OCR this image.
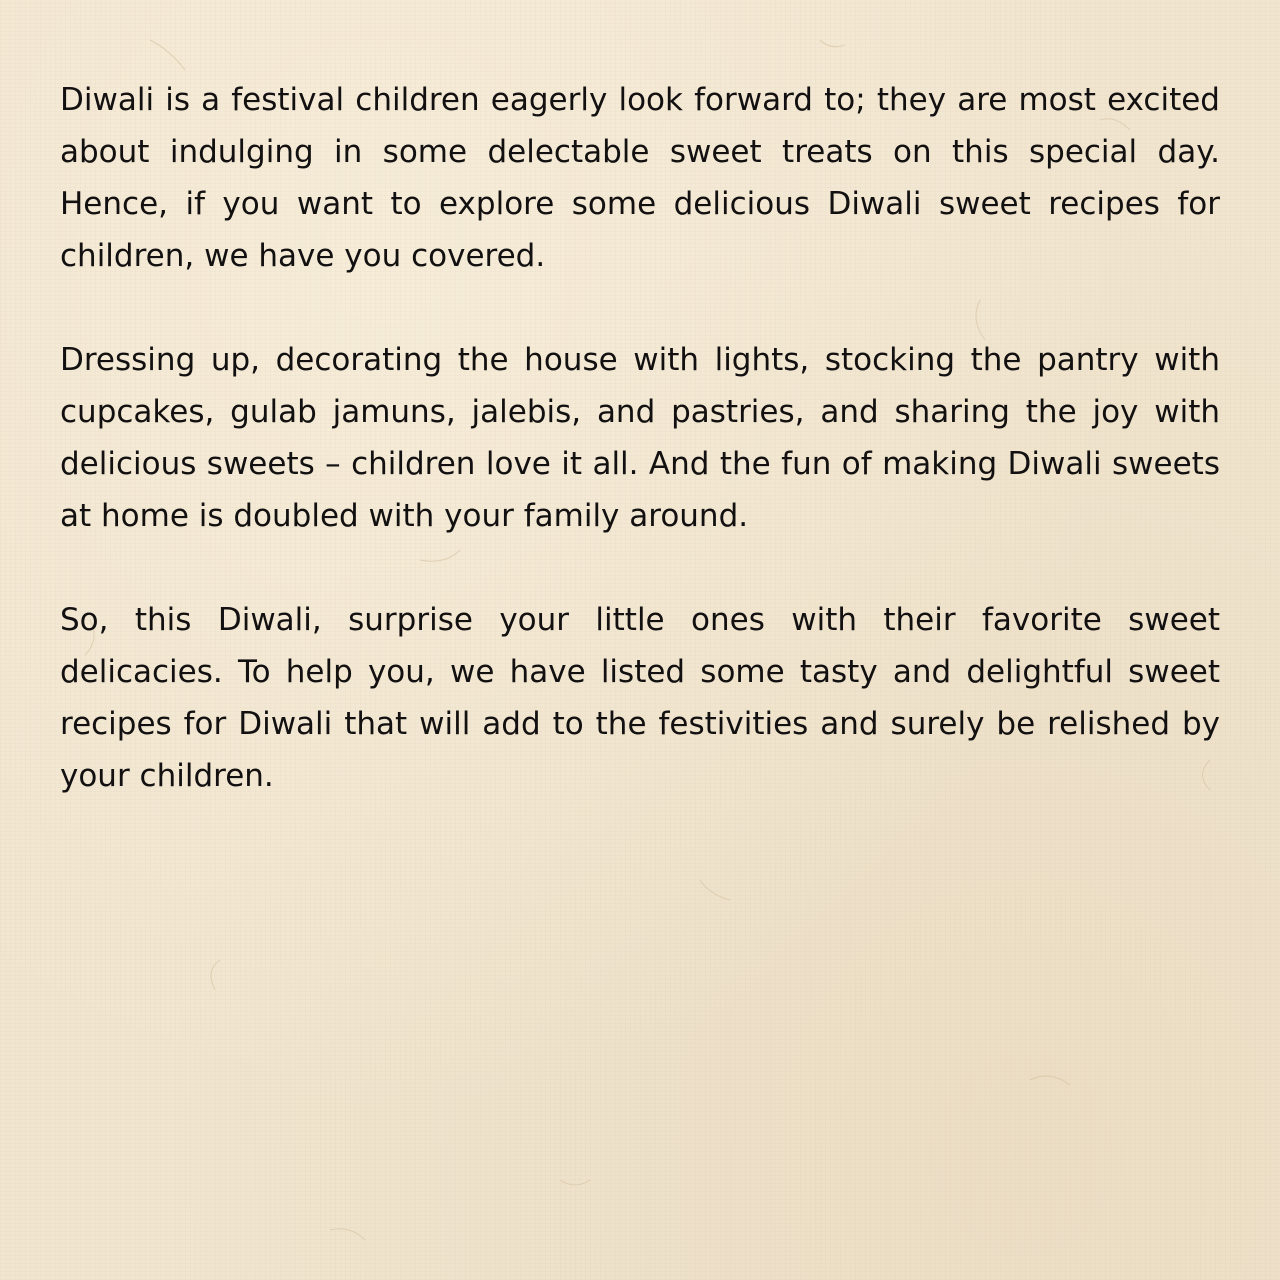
Diwali is a festival children eagerly look forward to; they are most excited about indulging in some delectable sweet treats on this special day. Hence, if you want to explore some delicious Diwali sweet recipes for children, we have you covered.

Dressing up, decorating the house with lights, stocking the pantry with cupcakes, gulab jamuns, jalebis, and pastries, and sharing the joy with delicious sweets – children love it all. And the fun of making Diwali sweets at home is doubled with your family around.

So, this Diwali, surprise your little ones with their favorite sweet delicacies. To help you, we have listed some tasty and delightful sweet recipes for Diwali that will add to the festivities and surely be relished by your children.
